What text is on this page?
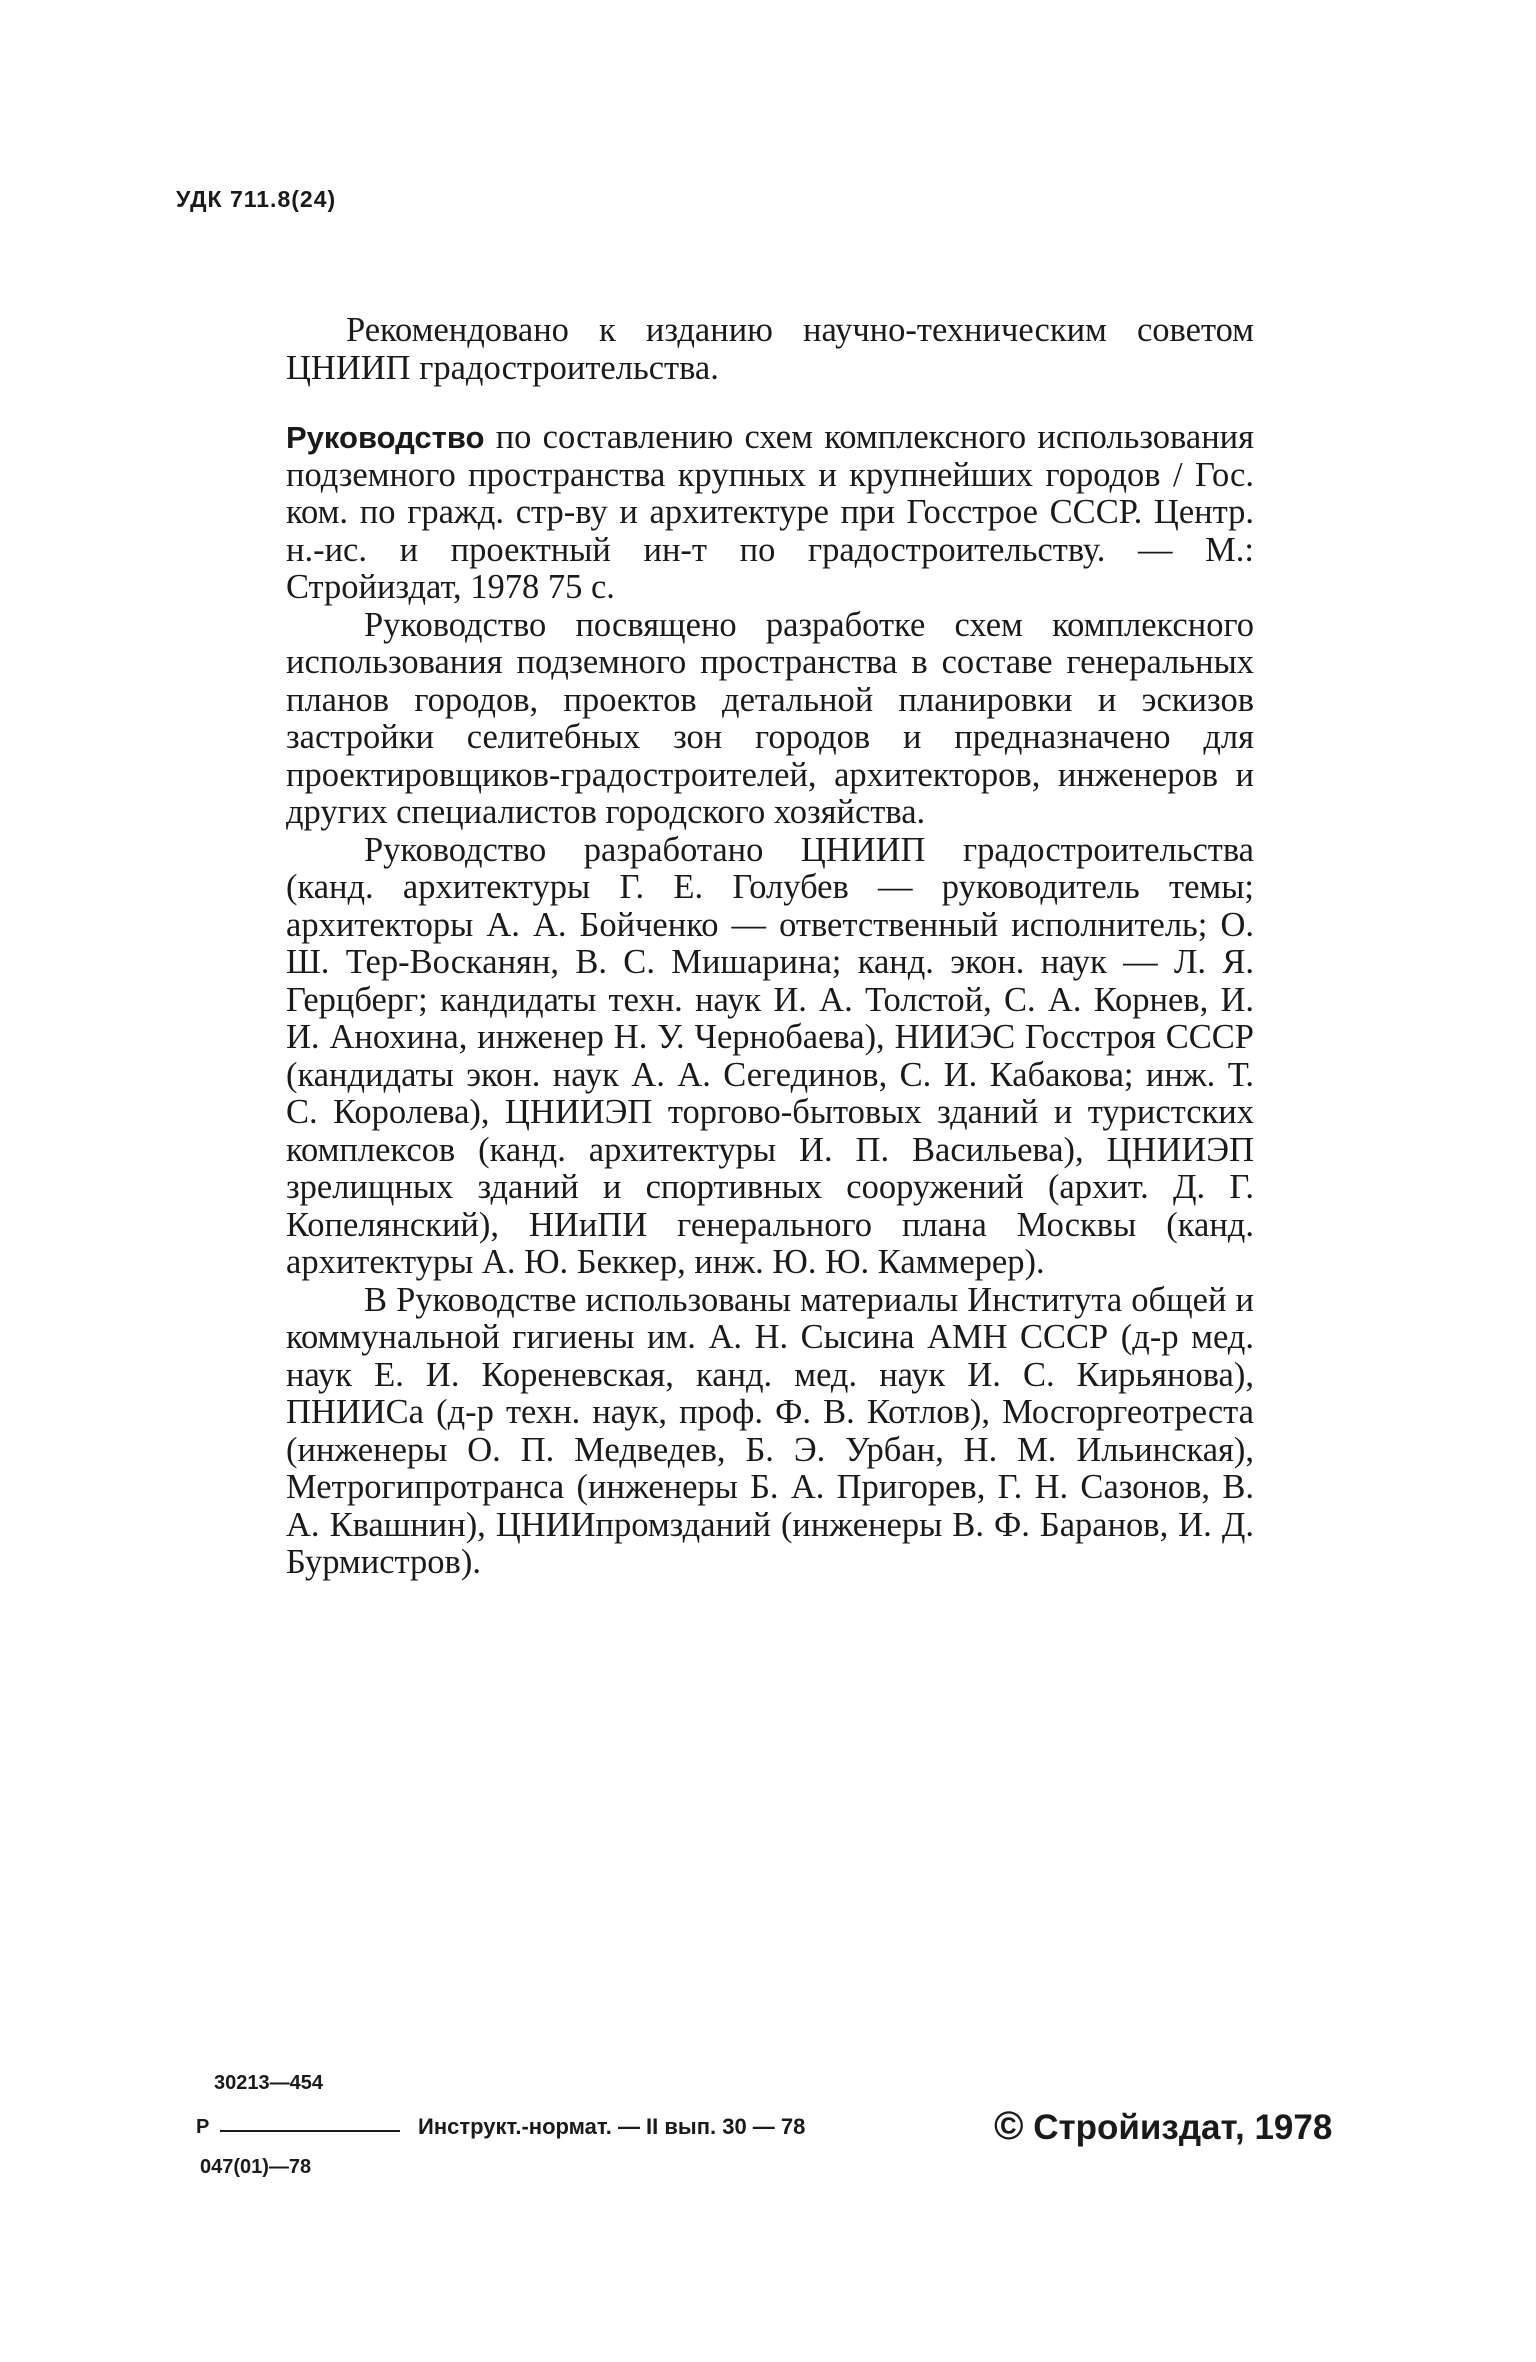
УДК 711.8(24)

Рекомендовано к изданию научно-техническим советом ЦНИИП градостроительства.

Руководство по составлению схем комплексного использования подземного пространства крупных и крупнейших городов / Гос. ком. по гражд. стр-ву и архитектуре при Госстрое СССР. Центр. н.-ис. и проектный ин-т по градостроительству. — М.: Стройиздат, 1978 75 с.

Руководство посвящено разработке схем комплексного использования подземного пространства в составе генеральных планов городов, проектов детальной планировки и эскизов застройки селитебных зон городов и предназначено для проектировщиков-градостроителей, архитекторов, инженеров и других специалистов городского хозяйства.

Руководство разработано ЦНИИП градостроительства (канд. архитектуры Г. Е. Голубев — руководитель темы; архитекторы А. А. Бойченко — ответственный исполнитель; О. Ш. Тер-Восканян, В. С. Мишарина; канд. экон. наук — Л. Я. Герцберг; кандидаты техн. наук И. А. Толстой, С. А. Корнев, И. И. Анохина, инженер Н. У. Чернобаева), НИИЭС Госстроя СССР (кандидаты экон. наук А. А. Сегединов, С. И. Кабакова; инж. Т. С. Королева), ЦНИИЭП торгово-бытовых зданий и туристских комплексов (канд. архитектуры И. П. Васильева), ЦНИИЭП зрелищных зданий и спортивных сооружений (архит. Д. Г. Копелянский), НИиПИ генерального плана Москвы (канд. архитектуры А. Ю. Беккер, инж. Ю. Ю. Каммерер).

В Руководстве использованы материалы Института общей и коммунальной гигиены им. А. Н. Сысина АМН СССР (д-р мед. наук Е. И. Кореневская, канд. мед. наук И. С. Кирьянова), ПНИИСа (д-р техн. наук, проф. Ф. В. Котлов), Мосгоргеотреста (инженеры О. П. Медведев, Б. Э. Урбан, Н. М. Ильинская), Метрогипротранса (инженеры Б. А. Пригорев, Г. Н. Сазонов, В. А. Квашнин), ЦНИИпромзданий (инженеры В. Ф. Баранов, И. Д. Бурмистров).

30213—454
Р
047(01)—78
Инструкт.-нормат. — II вып. 30 — 78	© Стройиздат, 1978
